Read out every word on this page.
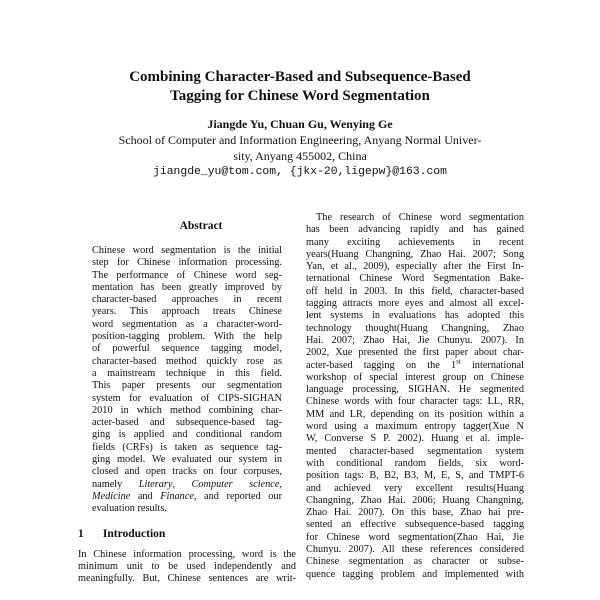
Combining Character-Based and Subsequence-Based
Tagging for Chinese Word Segmentation
Jiangde Yu, Chuan Gu, Wenying Ge
School of Computer and Information Engineering, Anyang Normal Univer-
sity, Anyang 455002, China
jiangde_yu@tom.com, {jkx-20,ligepw}@163.com
Abstract
Chinese word segmentation is the initial
step for Chinese information processing.
The performance of Chinese word seg-
mentation has been greatly improved by
character-based approaches in recent
years. This approach treats Chinese
word segmentation as a character-word-
position-tagging problem. With the help
of powerful sequence tagging model,
character-based method quickly rose as
a mainstream technique in this field.
This paper presents our segmentation
system for evaluation of CIPS-SIGHAN
2010 in which method combining char-
acter-based and subsequence-based tag-
ging is applied and conditional random
fields (CRFs) is taken as sequence tag-
ging model. We evaluated our system in
closed and open tracks on four corpuses,
namely Literary, Computer science,
Medicine and Finance, and reported our
evaluation results.
1 Introduction
In Chinese information processing, word is the
minimum unit to be used independently and
meaningfully. But, Chinese sentences are writ-
The research of Chinese word segmentation
has been advancing rapidly and has gained
many exciting achievements in recent
years(Huang Changning, Zhao Hai. 2007; Song
Yan, et al., 2009), especially after the First In-
ternational Chinese Word Segmentation Bake-
off held in 2003. In this field, character-based
tagging attracts more eyes and almost all excel-
lent systems in evaluations has adopted this
technology thought(Huang Changning, Zhao
Hai. 2007; Zhao Hai, Jie Chunyu. 2007). In
2002, Xue presented the first paper about char-
acter-based tagging on the 1st international
workshop of special interest group on Chinese
language processing, SIGHAN. He segmented
Chinese words with four character tags: LL, RR,
MM and LR, depending on its position within a
word using a maximum entropy tagger(Xue N
W, Converse S P. 2002). Huang et al. imple-
mented character-based segmentation system
with conditional random fields, six word-
position tags: B, B2, B3, M, E, S, and TMPT-6
and achieved very excellent results(Huang
Changning, Zhao Hai. 2006; Huang Changning,
Zhao Hai. 2007). On this base, Zhao hai pre-
sented an effective subsequence-based tagging
for Chinese word segmentation(Zhao Hai, Jie
Chunyu. 2007). All these references considered
Chinese segmentation as character or subse-
quence tagging problem and implemented with
